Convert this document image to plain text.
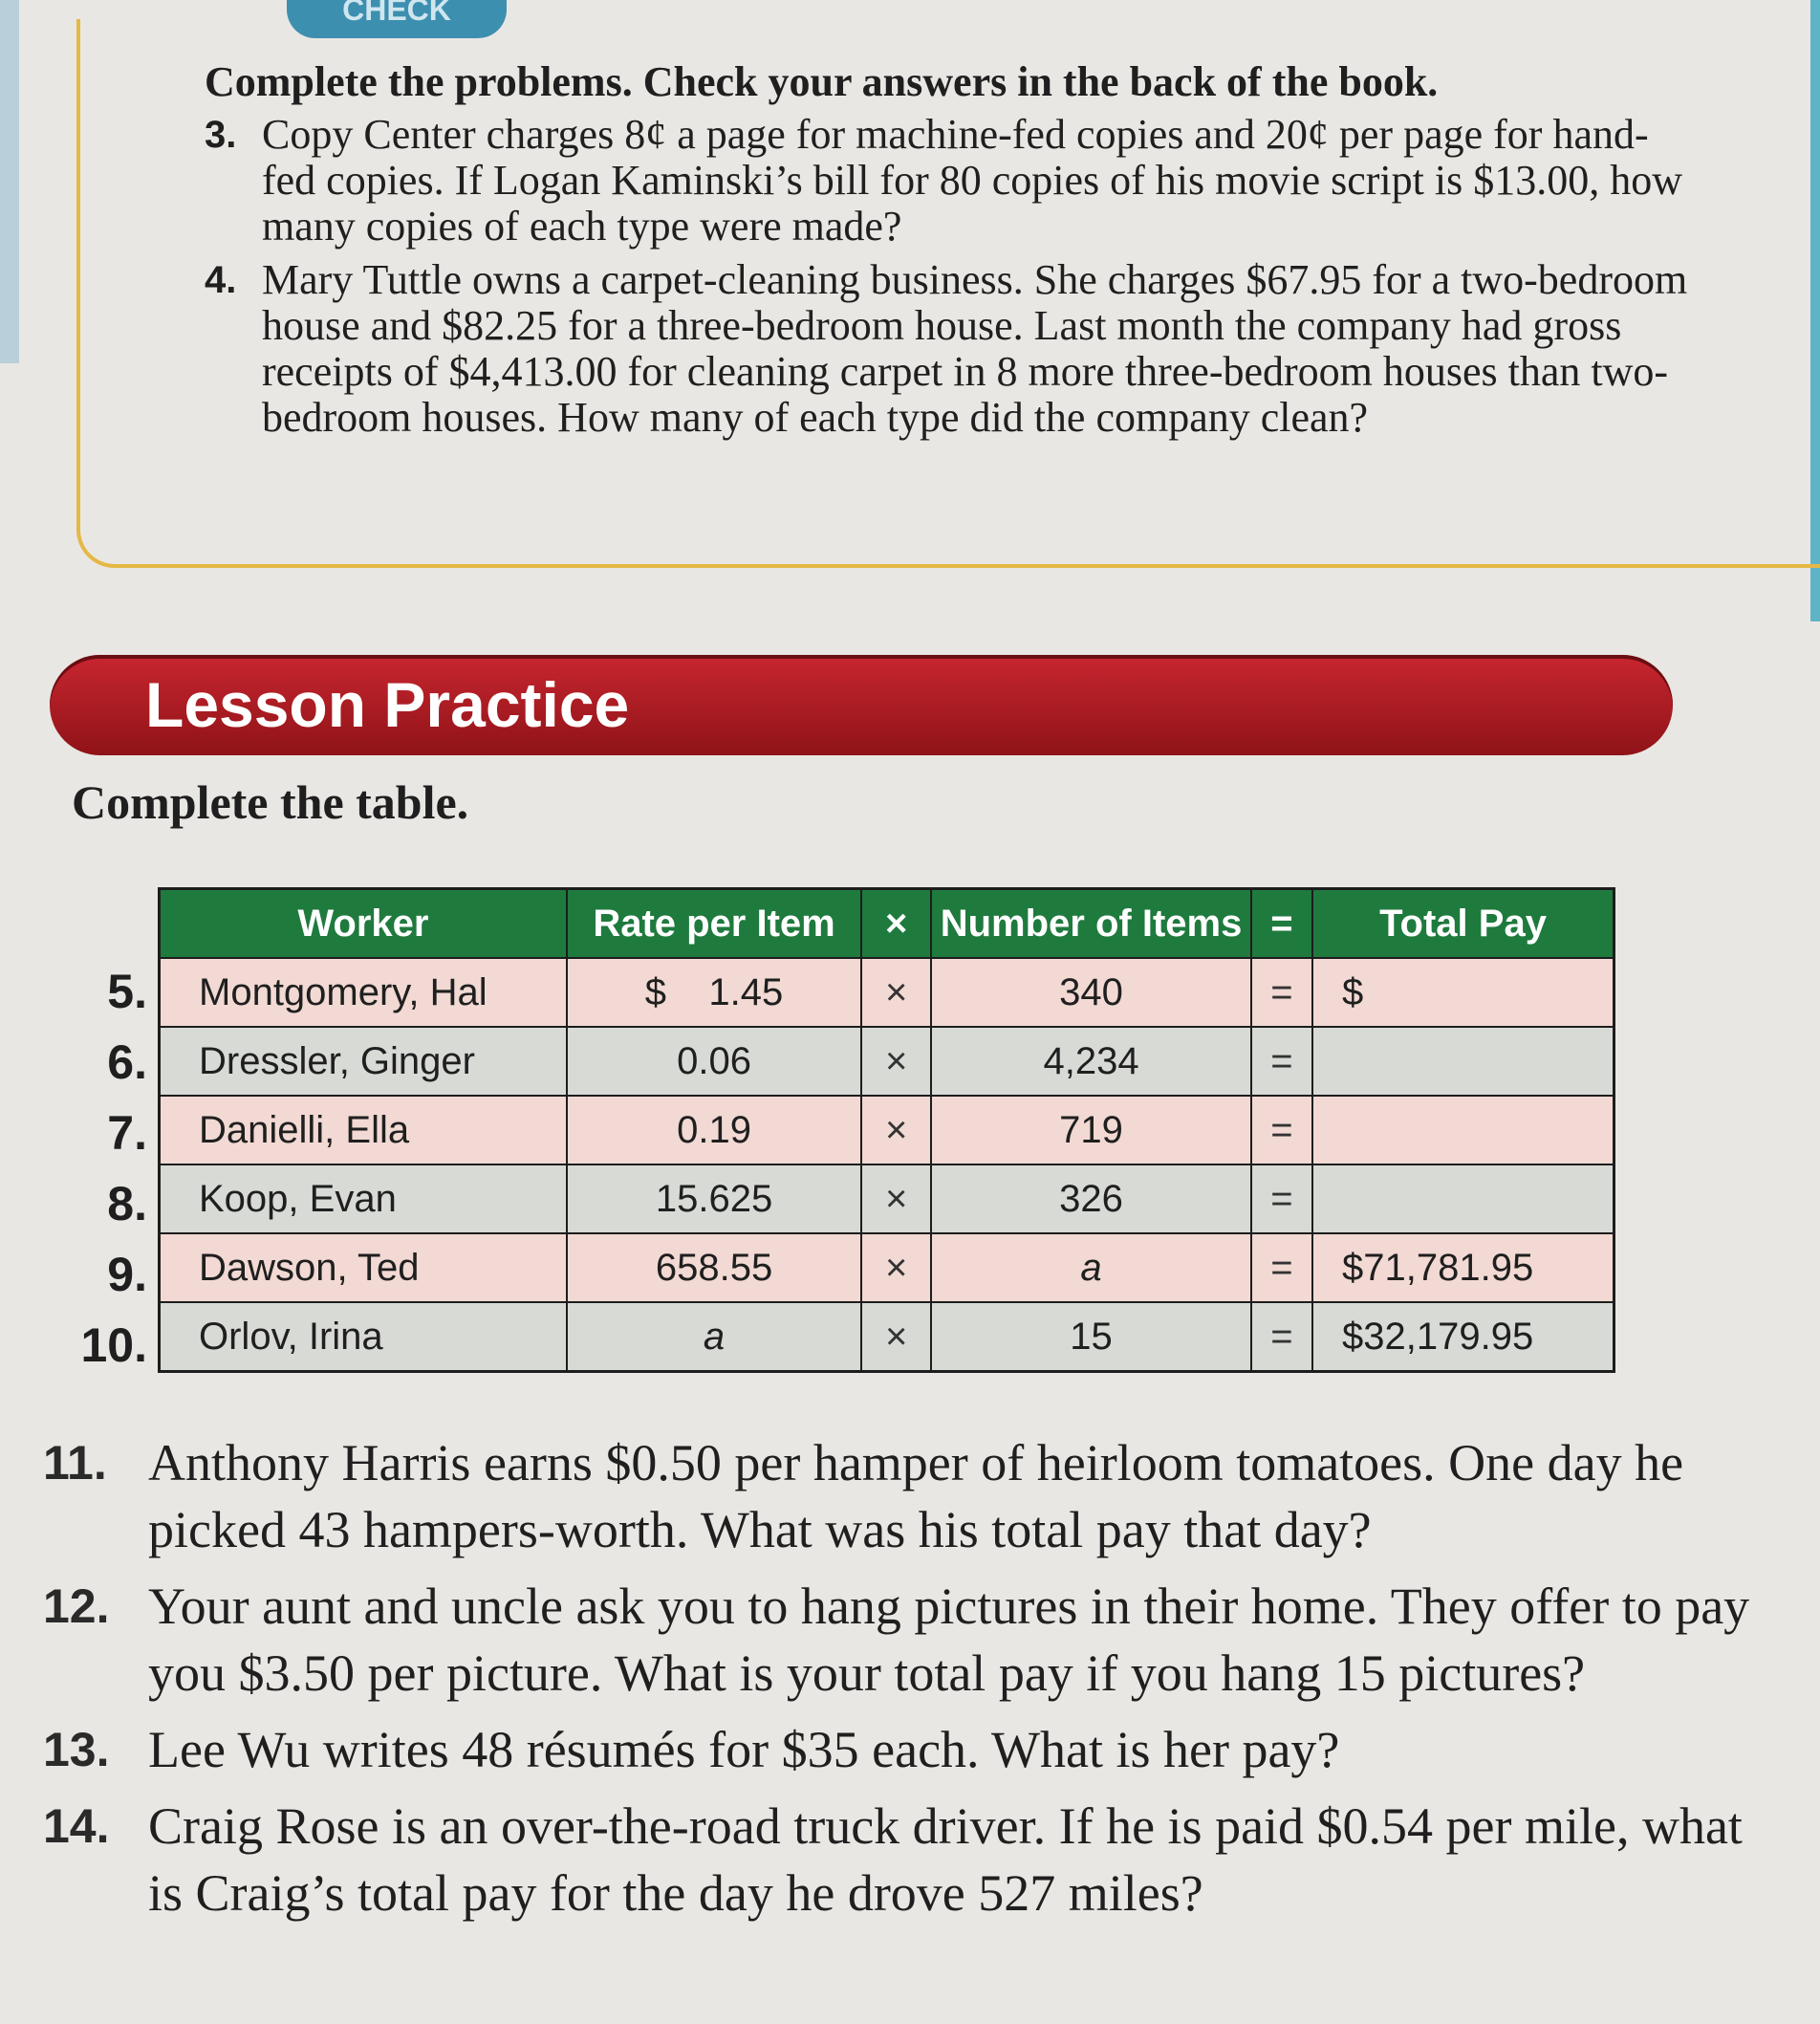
CHECK
Complete the problems. Check your answers in the back of the book.
3. Copy Center charges 8¢ a page for machine-fed copies and 20¢ per page for hand-fed copies. If Logan Kaminski’s bill for 80 copies of his movie script is $13.00, how many copies of each type were made?
4. Mary Tuttle owns a carpet-cleaning business. She charges $67.95 for a two-bedroom house and $82.25 for a three-bedroom house. Last month the company had gross receipts of $4,413.00 for cleaning carpet in 8 more three-bedroom houses than two-bedroom houses. How many of each type did the company clean?
Lesson Practice
Complete the table.
5.
6.
7.
8.
9.
10.
Worker	Rate per Item	×	Number of Items	=	Total Pay
Montgomery, Hal	$    1.45	×	340	=	$
Dressler, Ginger	0.06	×	4,234	=	
Danielli, Ella	0.19	×	719	=	
Koop, Evan	15.625	×	326	=	
Dawson, Ted	658.55	×	a	=	$71,781.95
Orlov, Irina	a	×	15	=	$32,179.95
11. Anthony Harris earns $0.50 per hamper of heirloom tomatoes. One day he picked 43 hampers-worth. What was his total pay that day?
12. Your aunt and uncle ask you to hang pictures in their home. They offer to pay you $3.50 per picture. What is your total pay if you hang 15 pictures?
13. Lee Wu writes 48 résumés for $35 each. What is her pay?
14. Craig Rose is an over-the-road truck driver. If he is paid $0.54 per mile, what is Craig’s total pay for the day he drove 527 miles?
